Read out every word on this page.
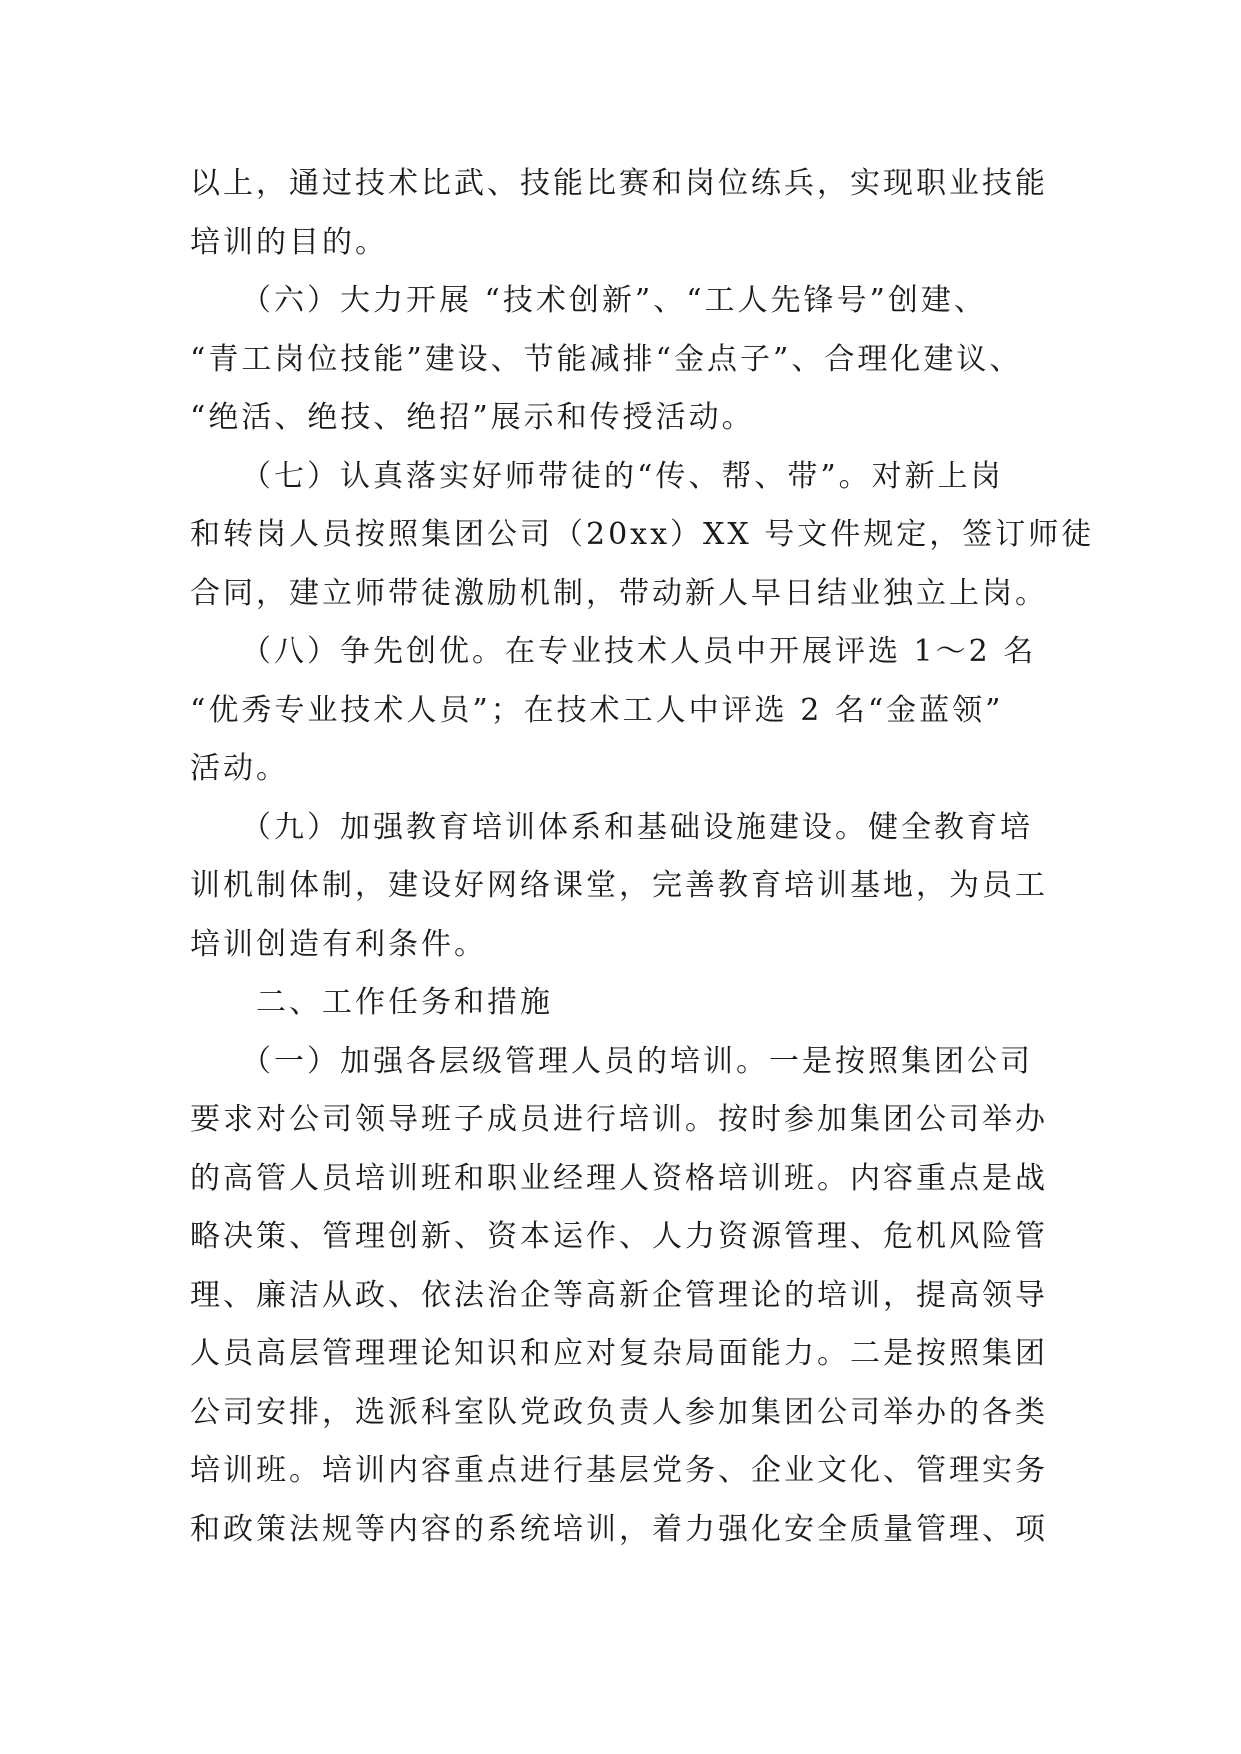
以上，通过技术比武、技能比赛和岗位练兵，实现职业技能
培训的目的。
　　（六）大力开展 “技术创新”、“工人先锋号”创建、
“青工岗位技能”建设、节能减排“金点子”、合理化建议、
“绝活、绝技、绝招”展示和传授活动。
　　（七）认真落实好师带徒的“传、帮、带”。对新上岗
和转岗人员按照集团公司（20xx）XX 号文件规定，签订师徒
合同，建立师带徒激励机制，带动新人早日结业独立上岗。
　　（八）争先创优。在专业技术人员中开展评选 1～2 名
“优秀专业技术人员”；在技术工人中评选 2 名“金蓝领”
活动。
　　（九）加强教育培训体系和基础设施建设。健全教育培
训机制体制，建设好网络课堂，完善教育培训基地，为员工
培训创造有利条件。
　　二、工作任务和措施
　　（一）加强各层级管理人员的培训。一是按照集团公司
要求对公司领导班子成员进行培训。按时参加集团公司举办
的高管人员培训班和职业经理人资格培训班。内容重点是战
略决策、管理创新、资本运作、人力资源管理、危机风险管
理、廉洁从政、依法治企等高新企管理论的培训，提高领导
人员高层管理理论知识和应对复杂局面能力。二是按照集团
公司安排，选派科室队党政负责人参加集团公司举办的各类
培训班。培训内容重点进行基层党务、企业文化、管理实务
和政策法规等内容的系统培训，着力强化安全质量管理、项
